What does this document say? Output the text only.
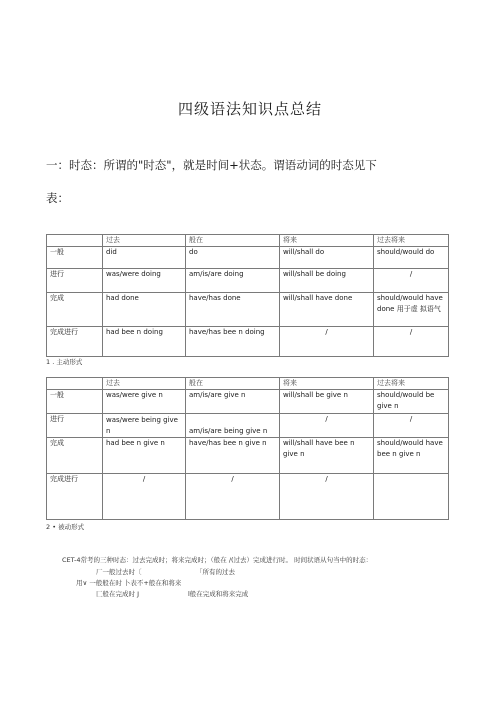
四级语法知识点总结
一：时态：所谓的"时态"，就是时间+状态。谓语动词的时态见下
表：
	过去	般在	将来	过去将来
一般	did	do	will/shall do	should/would do
进行	was/were doing	am/is/are doing	will/shall be doing	/
完成	had done	have/has done	will/shall have done	should/would have done 用于虚 拟语气
完成进行	had bee n doing	have/has bee n doing	/	/
1 . 主动形式
	过去	般在	将来	过去将来
一般	was/were give n	am/is/are give n	will/shall be give n	should/would be give n
进行	was/were being give n	am/is/are being give n	/	/
完成	had bee n give n	have/has bee n give n	will/shall have bee n give n	should/would have bee n give n
完成进行	/	/	/	
2 • 被动形式
CET-4常考的三种时态：过去完成时；将来完成时；（般在 /(过去）完成进行时。 时间状语从句当中的时态：
厂一般过去时〔	「所有的过去
用∨ 一般般在时 卜表不+般在和将来
匚般在完成时 J	l般在完成和将来完成
